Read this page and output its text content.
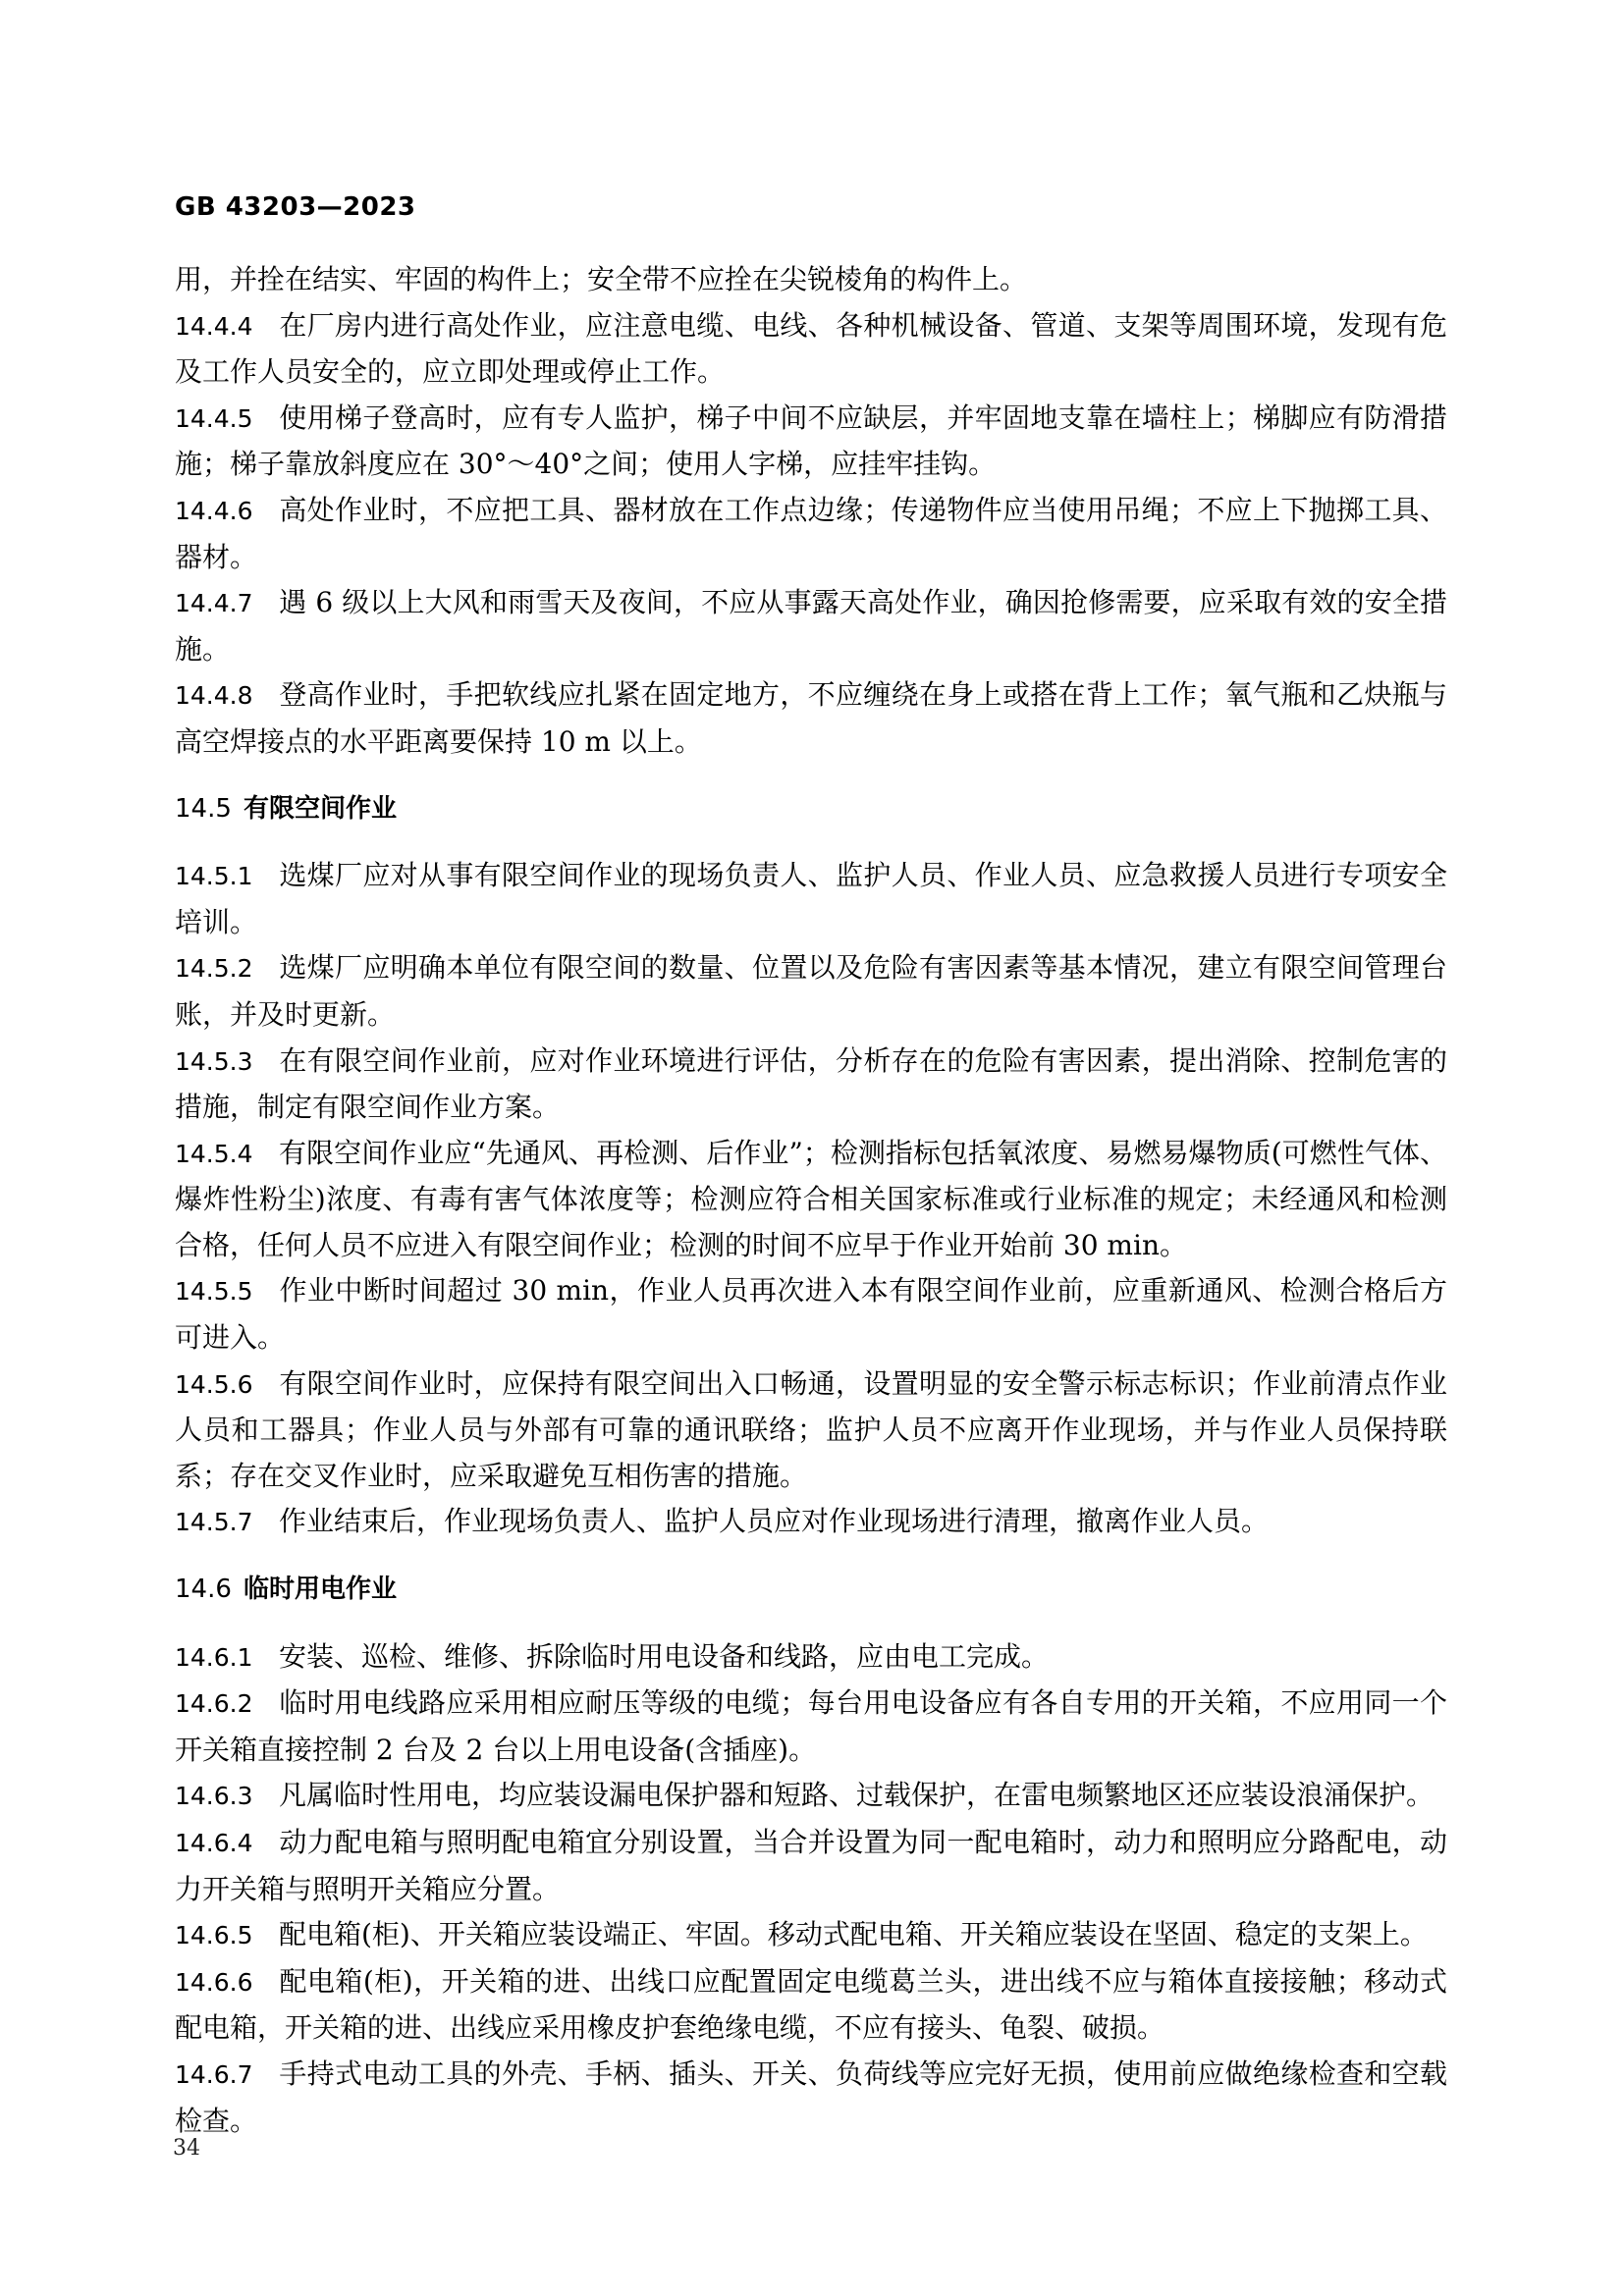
GB 43203—2023

用，并拴在结实、牢固的构件上；安全带不应拴在尖锐棱角的构件上。

14.4.4 在厂房内进行高处作业，应注意电缆、电线、各种机械设备、管道、支架等周围环境，发现有危及工作人员安全的，应立即处理或停止工作。

14.4.5 使用梯子登高时，应有专人监护，梯子中间不应缺层，并牢固地支靠在墙柱上；梯脚应有防滑措施；梯子靠放斜度应在 30°～40°之间；使用人字梯，应挂牢挂钩。

14.4.6 高处作业时，不应把工具、器材放在工作点边缘；传递物件应当使用吊绳；不应上下抛掷工具、器材。

14.4.7 遇 6 级以上大风和雨雪天及夜间，不应从事露天高处作业，确因抢修需要，应采取有效的安全措施。

14.4.8 登高作业时，手把软线应扎紧在固定地方，不应缠绕在身上或搭在背上工作；氧气瓶和乙炔瓶与高空焊接点的水平距离要保持 10 m 以上。

14.5 有限空间作业

14.5.1 选煤厂应对从事有限空间作业的现场负责人、监护人员、作业人员、应急救援人员进行专项安全培训。

14.5.2 选煤厂应明确本单位有限空间的数量、位置以及危险有害因素等基本情况，建立有限空间管理台账，并及时更新。

14.5.3 在有限空间作业前，应对作业环境进行评估，分析存在的危险有害因素，提出消除、控制危害的措施，制定有限空间作业方案。

14.5.4 有限空间作业应“先通风、再检测、后作业”；检测指标包括氧浓度、易燃易爆物质(可燃性气体、爆炸性粉尘)浓度、有毒有害气体浓度等；检测应符合相关国家标准或行业标准的规定；未经通风和检测合格，任何人员不应进入有限空间作业；检测的时间不应早于作业开始前 30 min。

14.5.5 作业中断时间超过 30 min，作业人员再次进入本有限空间作业前，应重新通风、检测合格后方可进入。

14.5.6 有限空间作业时，应保持有限空间出入口畅通，设置明显的安全警示标志标识；作业前清点作业人员和工器具；作业人员与外部有可靠的通讯联络；监护人员不应离开作业现场，并与作业人员保持联系；存在交叉作业时，应采取避免互相伤害的措施。

14.5.7 作业结束后，作业现场负责人、监护人员应对作业现场进行清理，撤离作业人员。

14.6 临时用电作业

14.6.1 安装、巡检、维修、拆除临时用电设备和线路，应由电工完成。

14.6.2 临时用电线路应采用相应耐压等级的电缆；每台用电设备应有各自专用的开关箱，不应用同一个开关箱直接控制 2 台及 2 台以上用电设备(含插座)。

14.6.3 凡属临时性用电，均应装设漏电保护器和短路、过载保护，在雷电频繁地区还应装设浪涌保护。

14.6.4 动力配电箱与照明配电箱宜分别设置，当合并设置为同一配电箱时，动力和照明应分路配电，动力开关箱与照明开关箱应分置。

14.6.5 配电箱(柜)、开关箱应装设端正、牢固。移动式配电箱、开关箱应装设在坚固、稳定的支架上。

14.6.6 配电箱(柜)，开关箱的进、出线口应配置固定电缆葛兰头，进出线不应与箱体直接接触；移动式配电箱，开关箱的进、出线应采用橡皮护套绝缘电缆，不应有接头、龟裂、破损。

14.6.7 手持式电动工具的外壳、手柄、插头、开关、负荷线等应完好无损，使用前应做绝缘检查和空载检查。

34
